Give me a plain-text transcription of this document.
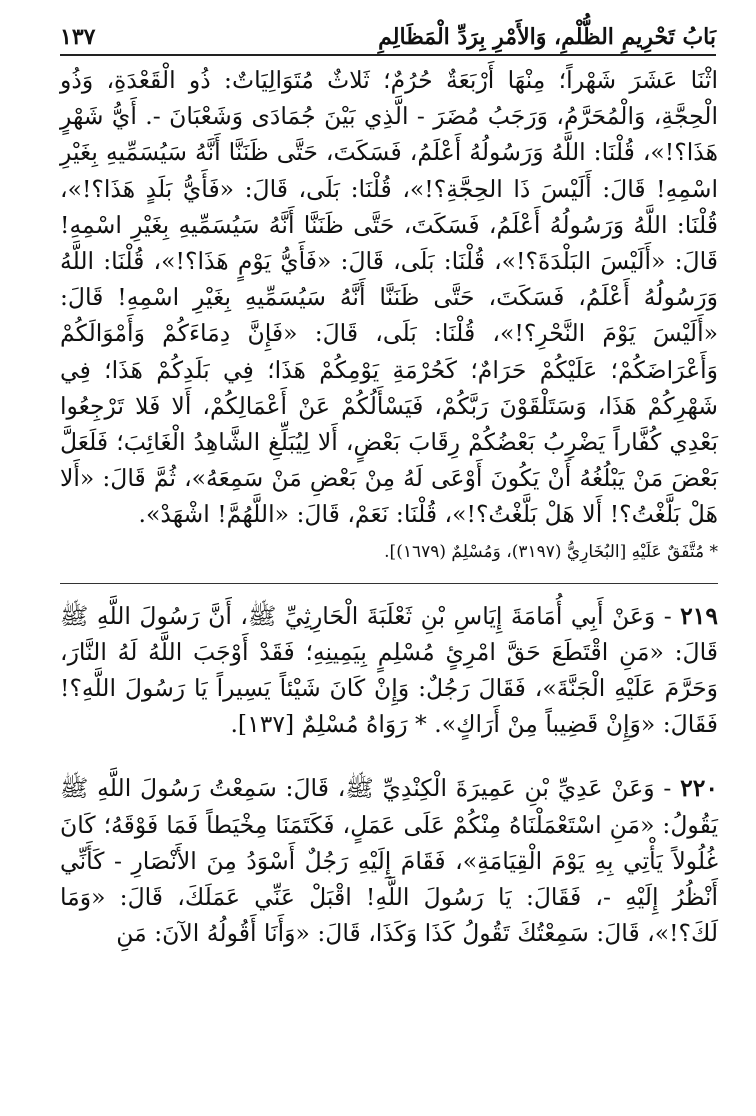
بَابُ تَحْرِيمِ الظُّلْمِ، وَالأَمْرِ بِرَدِّ الْمَظَالِمِ
١٣٧

اثْنَا عَشَرَ شَهْراً؛ مِنْهَا أَرْبَعَةٌ حُرُمٌ؛ ثَلاثٌ مُتَوَالِيَاتٌ: ذُو الْقَعْدَةِ، وَذُو الْحِجَّةِ، وَالْمُحَرَّمُ، وَرَجَبُ مُضَرَ - الَّذِي بَيْنَ جُمَادَى وَشَعْبَانَ -. أَيُّ شَهْرٍ هَذَا؟!»، قُلْنَا: اللَّهُ وَرَسُولُهُ أَعْلَمُ، فَسَكَتَ، حَتَّى ظَنَنَّا أَنَّهُ سَيُسَمِّيهِ بِغَيْرِ اسْمِهِ! قَالَ: أَلَيْسَ ذَا الحِجَّةِ؟!»، قُلْنَا: بَلَى، قَالَ: «فَأَيُّ بَلَدٍ هَذَا؟!»، قُلْنَا: اللَّهُ وَرَسُولُهُ أَعْلَمُ، فَسَكَتَ، حَتَّى ظَنَنَّا أَنَّهُ سَيُسَمِّيهِ بِغَيْرِ اسْمِهِ! قَالَ: «أَلَيْسَ البَلْدَةَ؟!»، قُلْنَا: بَلَى، قَالَ: «فَأَيُّ يَوْمٍ هَذَا؟!»، قُلْنَا: اللَّهُ وَرَسُولُهُ أَعْلَمُ، فَسَكَتَ، حَتَّى ظَنَنَّا أَنَّهُ سَيُسَمِّيهِ بِغَيْرِ اسْمِهِ! قَالَ: «أَلَيْسَ يَوْمَ النَّحْرِ؟!»، قُلْنَا: بَلَى، قَالَ: «فَإِنَّ دِمَاءَكُمْ وَأَمْوَالَكُمْ وَأَعْرَاضَكُمْ؛ عَلَيْكُمْ حَرَامٌ؛ كَحُرْمَةِ يَوْمِكُمْ هَذَا؛ فِي بَلَدِكُمْ هَذَا؛ فِي شَهْرِكُمْ هَذَا، وَسَتَلْقَوْنَ رَبَّكُمْ، فَيَسْأَلُكُمْ عَنْ أَعْمَالِكُمْ، أَلا فَلا تَرْجِعُوا بَعْدِي كُفَّاراً يَضْرِبُ بَعْضُكُمْ رِقَابَ بَعْضٍ، أَلا لِيُبَلِّغِ الشَّاهِدُ الْغَائِبَ؛ فَلَعَلَّ بَعْضَ مَنْ يَبْلُغُهُ أَنْ يَكُونَ أَوْعَى لَهُ مِنْ بَعْضِ مَنْ سَمِعَهُ»، ثُمَّ قَالَ: «أَلا هَلْ بَلَّغْتُ؟! أَلا هَلْ بَلَّغْتُ؟!»، قُلْنَا: نَعَمْ، قَالَ: «اللَّهُمَّ! اشْهَدْ».

* مُتَّفَقٌ عَلَيْهِ [البُخَارِيُّ (٣١٩٧)، وَمُسْلِمٌ (١٦٧٩)].

٢١٩ - وَعَنْ أَبِي أُمَامَةَ إِيَاسِ بْنِ ثَعْلَبَةَ الْحَارِثِيِّ ﷺ، أَنَّ رَسُولَ اللَّهِ ﷺ قَالَ: «مَنِ اقْتَطَعَ حَقَّ امْرِئٍ مُسْلِمٍ بِيَمِينِهِ؛ فَقَدْ أَوْجَبَ اللَّهُ لَهُ النَّارَ، وَحَرَّمَ عَلَيْهِ الْجَنَّةَ»، فَقَالَ رَجُلٌ: وَإِنْ كَانَ شَيْئاً يَسِيراً يَا رَسُولَ اللَّهِ؟! فَقَالَ: «وَإِنْ قَضِيباً مِنْ أَرَاكٍ». * رَوَاهُ مُسْلِمٌ [١٣٧].

٢٢٠ - وَعَنْ عَدِيِّ بْنِ عَمِيرَةَ الْكِنْدِيِّ ﷺ، قَالَ: سَمِعْتُ رَسُولَ اللَّهِ ﷺ يَقُولُ: «مَنِ اسْتَعْمَلْنَاهُ مِنْكُمْ عَلَى عَمَلٍ، فَكَتَمَنَا مِخْيَطاً فَمَا فَوْقَهُ؛ كَانَ غُلُولاً يَأْتِي بِهِ يَوْمَ الْقِيَامَةِ»، فَقَامَ إِلَيْهِ رَجُلٌ أَسْوَدُ مِنَ الأَنْصَارِ - كَأَنِّي أَنْظُرُ إِلَيْهِ -، فَقَالَ: يَا رَسُولَ اللَّهِ! اقْبَلْ عَنِّي عَمَلَكَ، قَالَ: «وَمَا لَكَ؟!»، قَالَ: سَمِعْتُكَ تَقُولُ كَذَا وَكَذَا، قَالَ: «وَأَنَا أَقُولُهُ الآنَ: مَنِ
